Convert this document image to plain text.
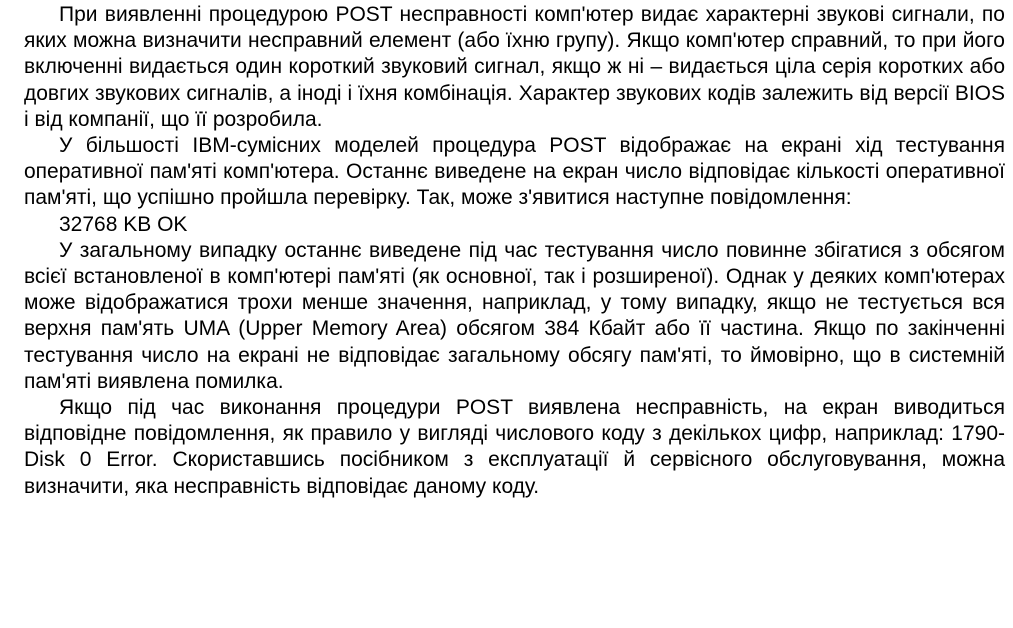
При виявленні процедурою POST несправності комп'ютер видає характерні звукові сигнали, по яких можна визначити несправний елемент (або їхню групу). Якщо комп'ютер справний, то при його включенні видається один короткий звуковий сигнал, якщо ж ні – видається ціла серія коротких або довгих звукових сигналів, а іноді і їхня комбінація. Характер звукових кодів залежить від версії BIOS і від компанії, що її розробила.

У більшості IBM-сумісних моделей процедура POST відображає на екрані хід тестування оперативної пам'яті комп'ютера. Останнє виведене на екран число відповідає кількості оперативної пам'яті, що успішно пройшла перевірку. Так, може з'явитися наступне повідомлення:

32768 KB OK

У загальному випадку останнє виведене під час тестування число повинне збігатися з обсягом всієї встановленої в комп'ютері пам'яті (як основної, так і розширеної). Однак у деяких комп'ютерах може відображатися трохи менше значення, наприклад, у тому випадку, якщо не тестується вся верхня пам'ять UMA (Upper Memory Area) обсягом 384 Кбайт або її частина. Якщо по закінченні тестування число на екрані не відповідає загальному обсягу пам'яті, то ймовірно, що в системній пам'яті виявлена помилка.

Якщо під час виконання процедури POST виявлена несправність, на екран виводиться відповідне повідомлення, як правило у вигляді числового коду з декількох цифр, наприклад: 1790-Disk 0 Error. Скориставшись посібником з експлуатації й сервісного обслуговування, можна визначити, яка несправність відповідає даному коду.
